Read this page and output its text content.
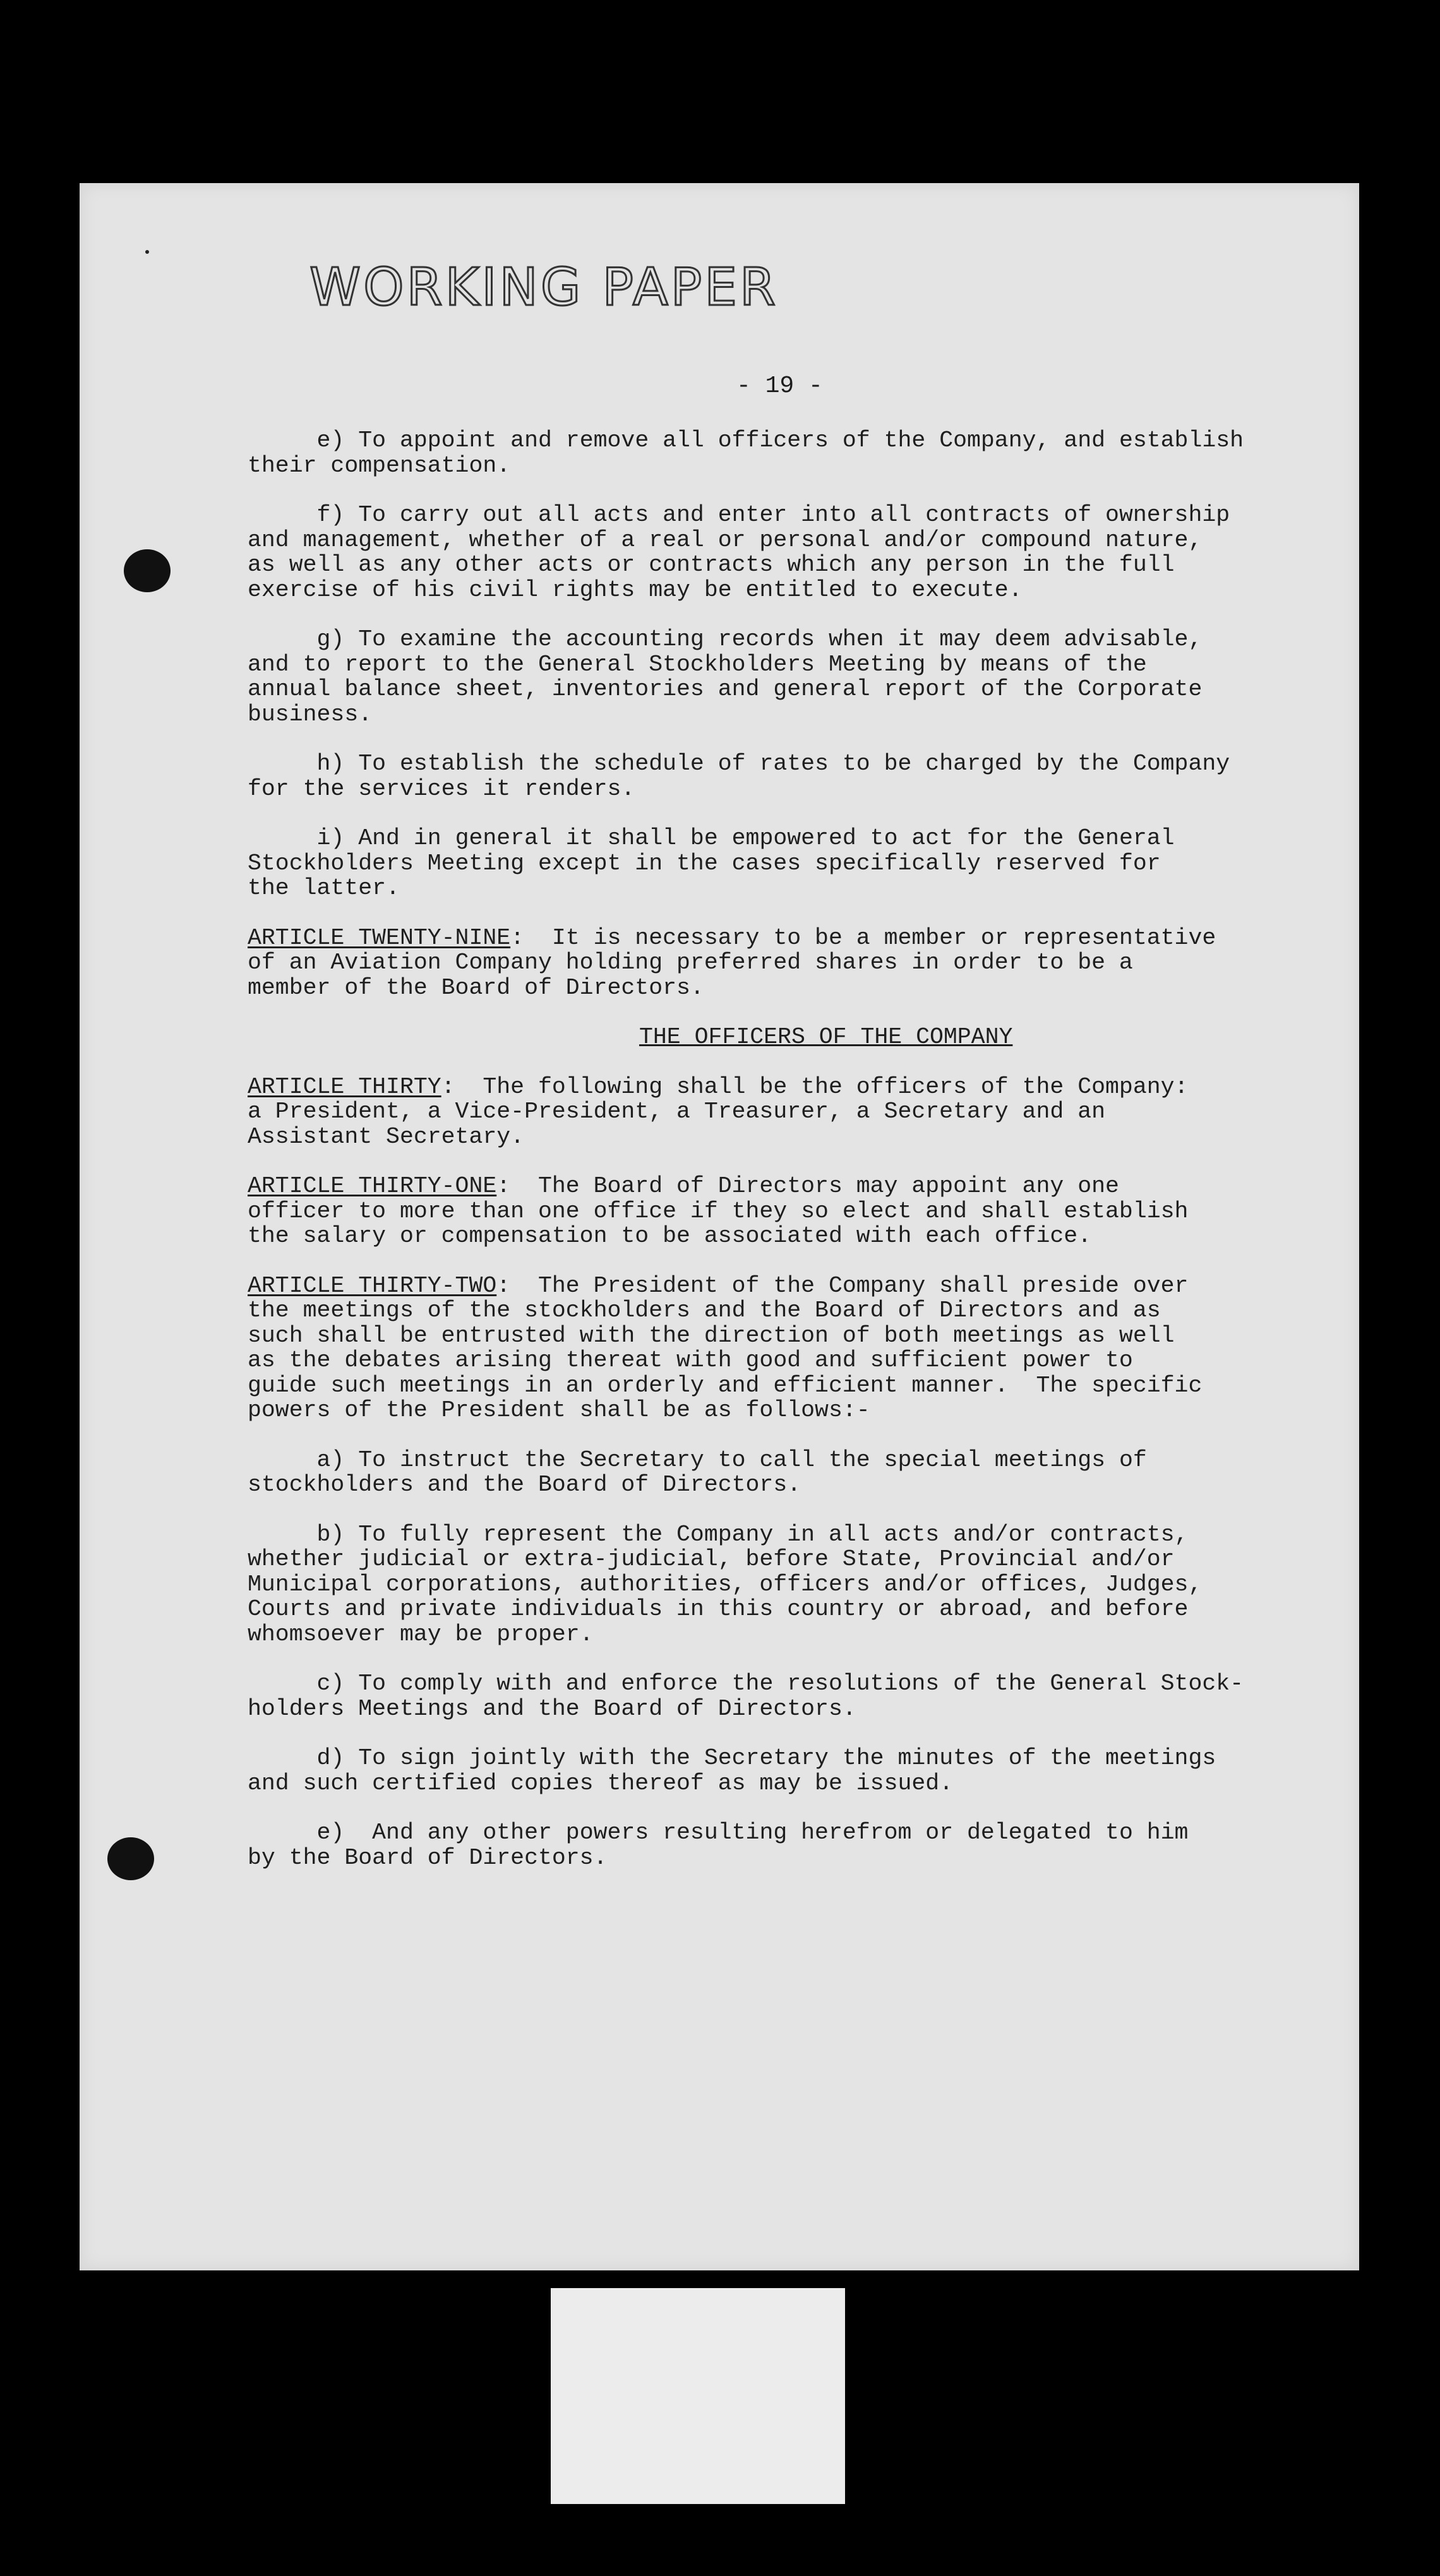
WORKING PAPER
- 19 -

e) To appoint and remove all officers of the Company, and establish
their compensation.

f) To carry out all acts and enter into all contracts of ownership
and management, whether of a real or personal and/or compound nature,
as well as any other acts or contracts which any person in the full
exercise of his civil rights may be entitled to execute.

g) To examine the accounting records when it may deem advisable,
and to report to the General Stockholders Meeting by means of the
annual balance sheet, inventories and general report of the Corporate
business.

h) To establish the schedule of rates to be charged by the Company
for the services it renders.

i) And in general it shall be empowered to act for the General
Stockholders Meeting except in the cases specifically reserved for
the latter.

ARTICLE TWENTY-NINE:  It is necessary to be a member or representative
of an Aviation Company holding preferred shares in order to be a
member of the Board of Directors.

THE OFFICERS OF THE COMPANY

ARTICLE THIRTY:  The following shall be the officers of the Company:
a President, a Vice-President, a Treasurer, a Secretary and an
Assistant Secretary.

ARTICLE THIRTY-ONE:  The Board of Directors may appoint any one
officer to more than one office if they so elect and shall establish
the salary or compensation to be associated with each office.

ARTICLE THIRTY-TWO:  The President of the Company shall preside over
the meetings of the stockholders and the Board of Directors and as
such shall be entrusted with the direction of both meetings as well
as the debates arising thereat with good and sufficient power to
guide such meetings in an orderly and efficient manner.  The specific
powers of the President shall be as follows:-

a) To instruct the Secretary to call the special meetings of
stockholders and the Board of Directors.

b) To fully represent the Company in all acts and/or contracts,
whether judicial or extra-judicial, before State, Provincial and/or
Municipal corporations, authorities, officers and/or offices, Judges,
Courts and private individuals in this country or abroad, and before
whomsoever may be proper.

c) To comply with and enforce the resolutions of the General Stock-
holders Meetings and the Board of Directors.

d) To sign jointly with the Secretary the minutes of the meetings
and such certified copies thereof as may be issued.

e)  And any other powers resulting herefrom or delegated to him
by the Board of Directors.
